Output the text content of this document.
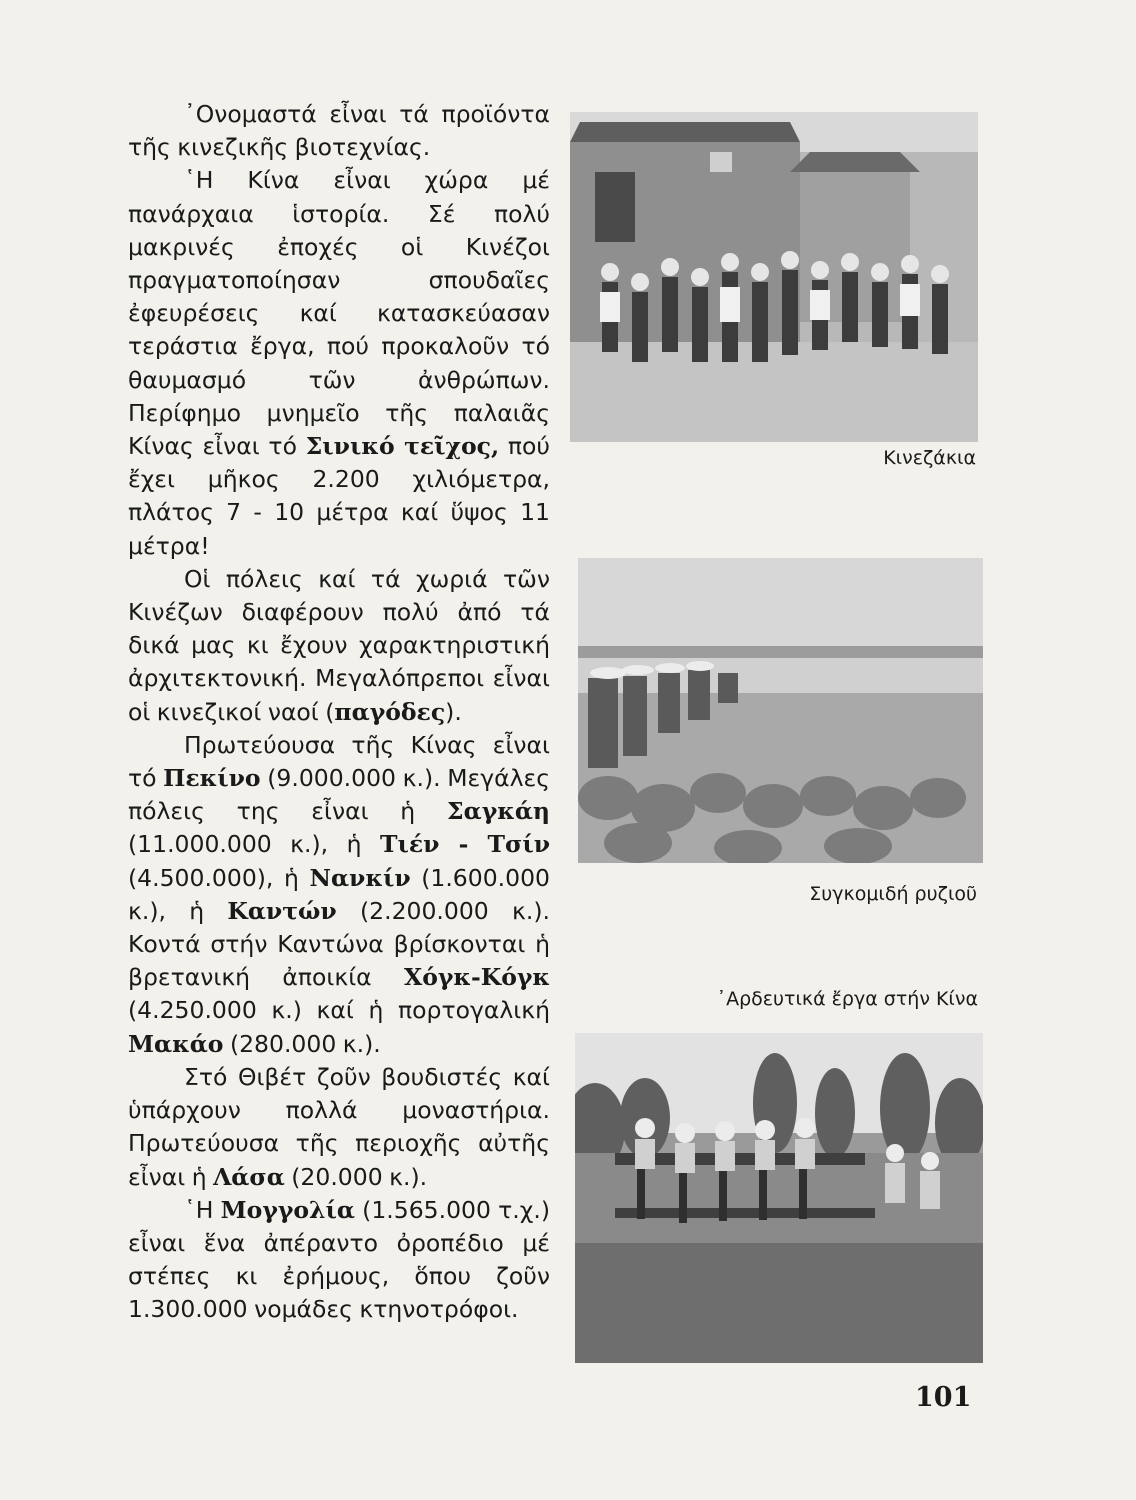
᾿Ονομαστά εἶναι τά προϊόντα τῆς κινεζικῆς βιοτεχνίας.

῾Η Κίνα εἶναι χώρα μέ πανάρχαια ἱστορία. Σέ πολύ μακρινές ἐποχές οἱ Κινέζοι πραγματοποίησαν σπουδαῖες ἐφευρέσεις καί κατασκεύασαν τεράστια ἔργα, πού προκαλοῦν τό θαυμασμό τῶν ἀνθρώπων. Περίφημο μνημεῖο τῆς παλαιᾶς Κίνας εἶναι τό Σινικό τεῖχος, πού ἔχει μῆκος 2.200 χιλιόμετρα, πλάτος 7 - 10 μέτρα καί ὕψος 11 μέτρα!

Οἱ πόλεις καί τά χωριά τῶν Κινέζων διαφέρουν πολύ ἀπό τά δικά μας κι ἔχουν χαρακτηριστική ἀρχιτεκτονική. Μεγαλόπρεποι εἶναι οἱ κινεζικοί ναοί (παγόδες).

Πρωτεύουσα τῆς Κίνας εἶναι τό Πεκίνο (9.000.000 κ.). Μεγάλες πόλεις της εἶναι ἡ Σαγκάη (11.000.000 κ.), ἡ Τιέν - Τσίν (4.500.000), ἡ Νανκίν (1.600.000 κ.), ἡ Καντών (2.200.000 κ.). Κοντά στήν Καντώνα βρίσκονται ἡ βρετανική ἀποικία Χόγκ-Κόγκ (4.250.000 κ.) καί ἡ πορτογαλική Μακάο (280.000 κ.).

Στό Θιβέτ ζοῦν βουδιστές καί ὑπάρχουν πολλά μοναστήρια. Πρωτεύουσα τῆς περιοχῆς αὐτῆς εἶναι ἡ Λάσα (20.000 κ.).

῾Η Μογγολία (1.565.000 τ.χ.) εἶναι ἕνα ἀπέραντο ὀροπέδιο μέ στέπες κι ἐρήμους, ὅπου ζοῦν 1.300.000 νομάδες κτηνοτρόφοι.

Κινεζάκια
Συγκομιδή ρυζιοῦ
᾿Αρδευτικά ἔργα στήν Κίνα
101
